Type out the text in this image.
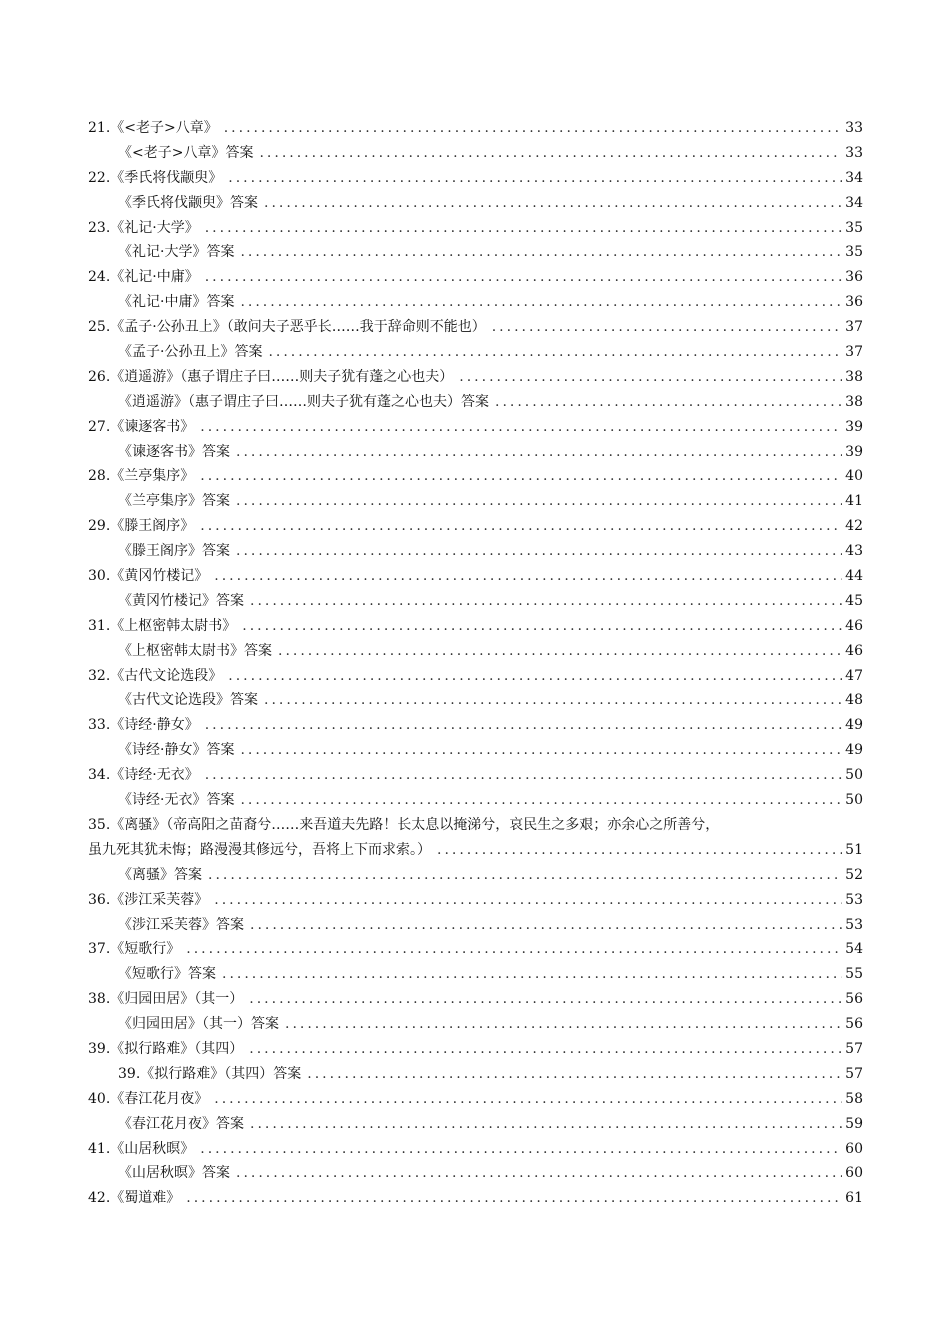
21.《<老子>八章》 .....	33
《<老子>八章》答案 .....	33
22.《季氏将伐颛臾》 .....	34
《季氏将伐颛臾》答案 .....	34
23.《礼记·大学》 .....	35
《礼记·大学》答案 .....	35
24.《礼记·中庸》 .....	36
《礼记·中庸》答案 .....	36
25.《孟子·公孙丑上》（敢问夫子恶乎长……我于辞命则不能也） .....	37
《孟子·公孙丑上》答案 .....	37
26.《逍遥游》（惠子谓庄子曰……则夫子犹有蓬之心也夫） .....	38
《逍遥游》（惠子谓庄子曰……则夫子犹有蓬之心也夫）答案 .....	38
27.《谏逐客书》 .....	39
《谏逐客书》答案 .....	39
28.《兰亭集序》 .....	40
《兰亭集序》答案 .....	41
29.《滕王阁序》 .....	42
《滕王阁序》答案 .....	43
30.《黄冈竹楼记》 .....	44
《黄冈竹楼记》答案 .....	45
31.《上枢密韩太尉书》 .....	46
《上枢密韩太尉书》答案 .....	46
32.《古代文论选段》 .....	47
《古代文论选段》答案 .....	48
33.《诗经·静女》 .....	49
《诗经·静女》答案 .....	49
34.《诗经·无衣》 .....	50
《诗经·无衣》答案 .....	50
35.《离骚》（帝高阳之苗裔兮……来吾道夫先路！长太息以掩涕兮，哀民生之多艰；亦余心之所善兮，
虽九死其犹未悔；路漫漫其修远兮，吾将上下而求索。） .....	51
《离骚》答案 .....	52
36.《涉江采芙蓉》 .....	53
《涉江采芙蓉》答案 .....	53
37.《短歌行》 .....	54
《短歌行》答案 .....	55
38.《归园田居》（其一） .....	56
《归园田居》（其一）答案 .....	56
39.《拟行路难》（其四） .....	57
39.《拟行路难》（其四）答案 .....	57
40.《春江花月夜》 .....	58
《春江花月夜》答案 .....	59
41.《山居秋暝》 .....	60
《山居秋暝》答案 .....	60
42.《蜀道难》 .....	61
